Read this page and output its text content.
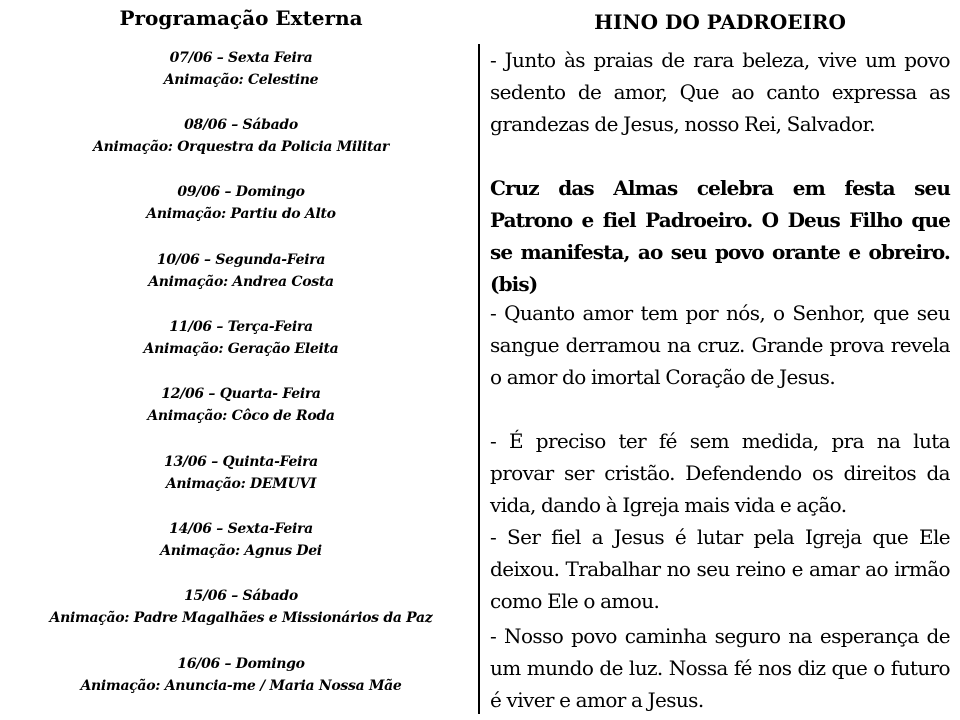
Programação Externa
07/06 – Sexta Feira
Animação: Celestine
08/06 – Sábado
Animação: Orquestra da Policia Militar
09/06 – Domingo
Animação: Partiu do Alto
10/06 – Segunda-Feira
Animação: Andrea Costa
11/06 – Terça-Feira
Animação: Geração Eleita
12/06 – Quarta- Feira
Animação: Côco de Roda
13/06 – Quinta-Feira
Animação: DEMUVI
14/06 – Sexta-Feira
Animação: Agnus Dei
15/06 – Sábado
Animação: Padre Magalhães e Missionários da Paz
16/06 – Domingo
Animação: Anuncia-me / Maria Nossa Mãe
HINO DO PADROEIRO

- Junto às praias de rara beleza, vive um povo sedento de amor, Que ao canto expressa as grandezas de Jesus, nosso Rei, Salvador.

Cruz das Almas celebra em festa seu Patrono e fiel Padroeiro. O Deus Filho que se manifesta, ao seu povo orante e obreiro. (bis)

- Quanto amor tem por nós, o Senhor, que seu sangue derramou na cruz. Grande prova revela o amor do imortal Coração de Jesus.

- É preciso ter fé sem medida, pra na luta provar ser cristão. Defendendo os direitos da vida, dando à Igreja mais vida e ação.

- Ser fiel a Jesus é lutar pela Igreja que Ele deixou. Trabalhar no seu reino e amar ao irmão como Ele o amou.

- Nosso povo caminha seguro na esperança de um mundo de luz. Nossa fé nos diz que o futuro é viver e amor a Jesus.
